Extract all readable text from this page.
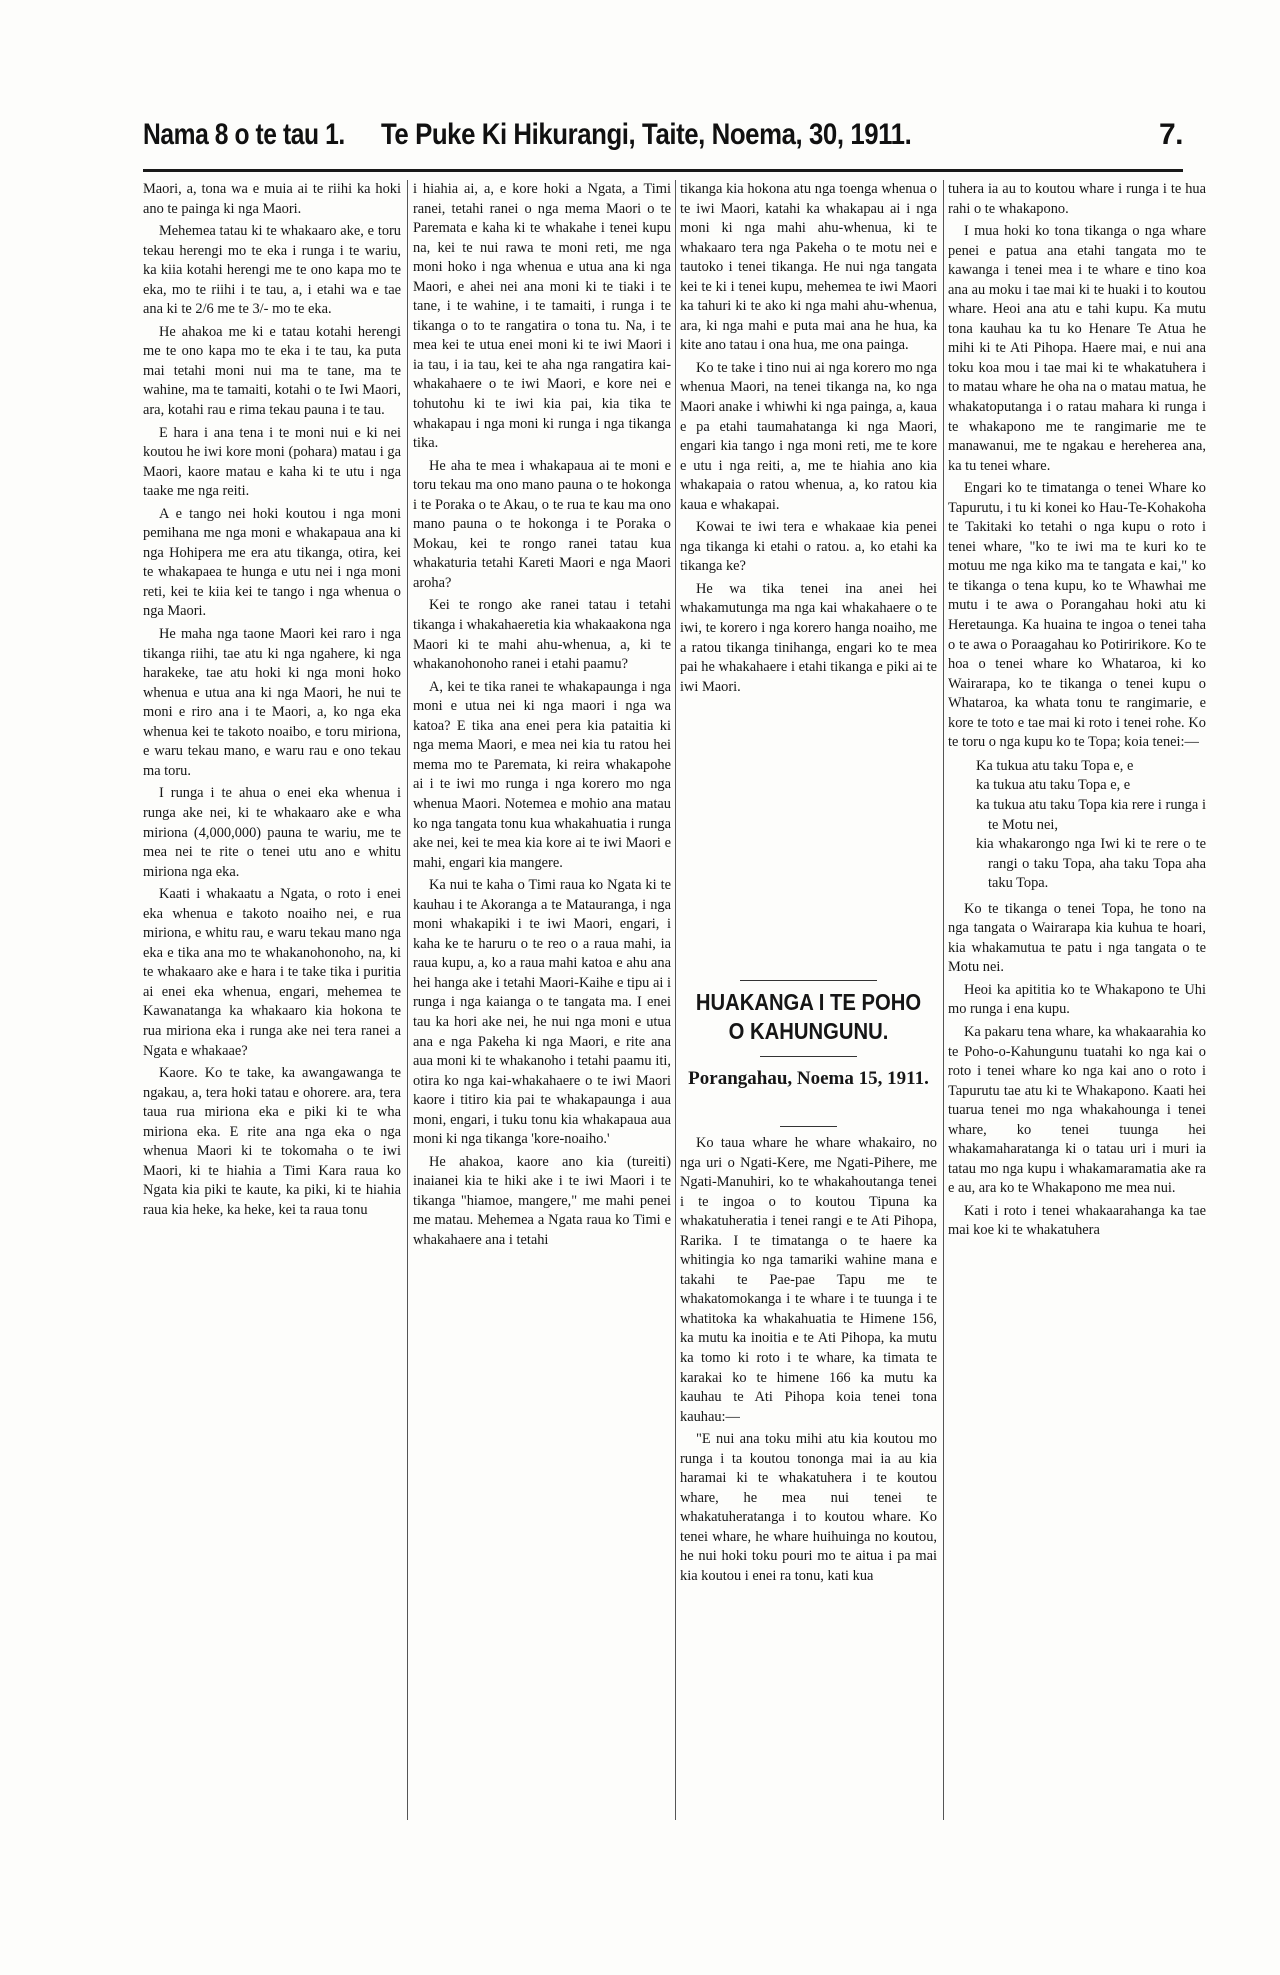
Nama 8 o te tau 1. Te Puke Ki Hikurangi, Taite, Noema, 30, 1911.	7.

Maori, a, tona wa e muia ai te riihi ka hoki ano te painga ki nga Maori.

Mehemea tatau ki te whakaaro ake, e toru tekau herengi mo te eka i runga i te wariu, ka kiia kotahi herengi me te ono kapa mo te eka, mo te riihi i te tau, a, i etahi wa e tae ana ki te 2/6 me te 3/- mo te eka.

He ahakoa me ki e tatau kotahi herengi me te ono kapa mo te eka i te tau, ka puta mai tetahi moni nui ma te tane, ma te wahine, ma te tamaiti, kotahi o te Iwi Maori, ara, kotahi rau e rima tekau pauna i te tau.

E hara i ana tena i te moni nui e ki nei koutou he iwi kore moni (pohara) matau i ga Maori, kaore matau e kaha ki te utu i nga taake me nga reiti.

A e tango nei hoki koutou i nga moni pemihana me nga moni e whakapaua ana ki nga Hohipera me era atu tikanga, otira, kei te whakapaea te hunga e utu nei i nga moni reti, kei te kiia kei te tango i nga whenua o nga Maori.

He maha nga taone Maori kei raro i nga tikanga riihi, tae atu ki nga ngahere, ki nga harakeke, tae atu hoki ki nga moni hoko whenua e utua ana ki nga Maori, he nui te moni e riro ana i te Maori, a, ko nga eka whenua kei te takoto noaibo, e toru miriona, e waru tekau mano, e waru rau e ono tekau ma toru.

I runga i te ahua o enei eka whenua i runga ake nei, ki te whakaaro ake e wha miriona (4,000,000) pauna te wariu, me te mea nei te rite o tenei utu ano e whitu miriona nga eka.

Kaati i whakaatu a Ngata, o roto i enei eka whenua e takoto noaiho nei, e rua miriona, e whitu rau, e waru tekau mano nga eka e tika ana mo te whakanohonoho, na, ki te whakaaro ake e hara i te take tika i puritia ai enei eka whenua, engari, mehemea te Kawanatanga ka whakaaro kia hokona te rua miriona eka i runga ake nei tera ranei a Ngata e whakaae?

Kaore. Ko te take, ka awangawanga te ngakau, a, tera hoki tatau e ohorere. ara, tera taua rua miriona eka e piki ki te wha miriona eka. E rite ana nga eka o nga whenua Maori ki te tokomaha o te iwi Maori, ki te hiahia a Timi Kara raua ko Ngata kia piki te kaute, ka piki, ki te hiahia raua kia heke, ka heke, kei ta raua tonu

i hiahia ai, a, e kore hoki a Ngata, a Timi ranei, tetahi ranei o nga mema Maori o te Paremata e kaha ki te whakahe i tenei kupu na, kei te nui rawa te moni reti, me nga moni hoko i nga whenua e utua ana ki nga Maori, e ahei nei ana moni ki te tiaki i te tane, i te wahine, i te tamaiti, i runga i te tikanga o to te rangatira o tona tu. Na, i te mea kei te utua enei moni ki te iwi Maori i ia tau, i ia tau, kei te aha nga rangatira kai-whakahaere o te iwi Maori, e kore nei e tohutohu ki te iwi kia pai, kia tika te whakapau i nga moni ki runga i nga tikanga tika.

He aha te mea i whakapaua ai te moni e toru tekau ma ono mano pauna o te hokonga i te Poraka o te Akau, o te rua te kau ma ono mano pauna o te hokonga i te Poraka o Mokau, kei te rongo ranei tatau kua whakaturia tetahi Kareti Maori e nga Maori aroha?

Kei te rongo ake ranei tatau i tetahi tikanga i whakahaeretia kia whakaakona nga Maori ki te mahi ahu-whenua, a, ki te whakanohonoho ranei i etahi paamu?

A, kei te tika ranei te whakapaunga i nga moni e utua nei ki nga maori i nga wa katoa? E tika ana enei pera kia pataitia ki nga mema Maori, e mea nei kia tu ratou hei mema mo te Paremata, ki reira whakapohe ai i te iwi mo runga i nga korero mo nga whenua Maori. Notemea e mohio ana matau ko nga tangata tonu kua whakahuatia i runga ake nei, kei te mea kia kore ai te iwi Maori e mahi, engari kia mangere.

Ka nui te kaha o Timi raua ko Ngata ki te kauhau i te Akoranga a te Matauranga, i nga moni whakapiki i te iwi Maori, engari, i kaha ke te haruru o te reo o a raua mahi, ia raua kupu, a, ko a raua mahi katoa e ahu ana hei hanga ake i tetahi Maori-Kaihe e tipu ai i runga i nga kaianga o te tangata ma. I enei tau ka hori ake nei, he nui nga moni e utua ana e nga Pakeha ki nga Maori, e rite ana aua moni ki te whakanoho i tetahi paamu iti, otira ko nga kai-whakahaere o te iwi Maori kaore i titiro kia pai te whakapaunga i aua moni, engari, i tuku tonu kia whakapaua aua moni ki nga tikanga 'kore-noaiho.'

He ahakoa, kaore ano kia (tureiti) inaianei kia te hiki ake i te iwi Maori i te tikanga "hiamoe, mangere," me mahi penei me matau. Mehemea a Ngata raua ko Timi e whakahaere ana i tetahi

tikanga kia hokona atu nga toenga whenua o te iwi Maori, katahi ka whakapau ai i nga moni ki nga mahi ahu-whenua, ki te whakaaro tera nga Pakeha o te motu nei e tautoko i tenei tikanga. He nui nga tangata kei te ki i tenei kupu, mehemea te iwi Maori ka tahuri ki te ako ki nga mahi ahu-whenua, ara, ki nga mahi e puta mai ana he hua, ka kite ano tatau i ona hua, me ona painga.

Ko te take i tino nui ai nga korero mo nga whenua Maori, na tenei tikanga na, ko nga Maori anake i whiwhi ki nga painga, a, kaua e pa etahi taumahatanga ki nga Maori, engari kia tango i nga moni reti, me te kore e utu i nga reiti, a, me te hiahia ano kia whakapaia o ratou whenua, a, ko ratou kia kaua e whakapai.

Kowai te iwi tera e whakaae kia penei nga tikanga ki etahi o ratou. a, ko etahi ka tikanga ke?

He wa tika tenei ina anei hei whakamutunga ma nga kai whakahaere o te iwi, te korero i nga korero hanga noaiho, me a ratou tikanga tinihanga, engari ko te mea pai he whakahaere i etahi tikanga e piki ai te iwi Maori.

HUAKANGA I TE POHO O KAHUNGUNU.
Porangahau, Noema 15, 1911.

Ko taua whare he whare whakairo, no nga uri o Ngati-Kere, me Ngati-Pihere, me Ngati-Manuhiri, ko te whakahoutanga tenei i te ingoa o to koutou Tipuna ka whakatuheratia i tenei rangi e te Ati Pihopa, Rarika. I te timatanga o te haere ka whitingia ko nga tamariki wahine mana e takahi te Pae-pae Tapu me te whakatomokanga i te whare i te tuunga i te whatitoka ka whakahuatia te Himene 156, ka mutu ka inoitia e te Ati Pihopa, ka mutu ka tomo ki roto i te whare, ka timata te karakai ko te himene 166 ka mutu ka kauhau te Ati Pihopa koia tenei tona kauhau:—

"E nui ana toku mihi atu kia koutou mo runga i ta koutou tononga mai ia au kia haramai ki te whakatuhera i te koutou whare, he mea nui tenei te whakatuheratanga i to koutou whare. Ko tenei whare, he whare huihuinga no koutou, he nui hoki toku pouri mo te aitua i pa mai kia koutou i enei ra tonu, kati kua

tuhera ia au to koutou whare i runga i te hua rahi o te whakapono.

I mua hoki ko tona tikanga o nga whare penei e patua ana etahi tangata mo te kawanga i tenei mea i te whare e tino koa ana au moku i tae mai ki te huaki i to koutou whare. Heoi ana atu e tahi kupu. Ka mutu tona kauhau ka tu ko Henare Te Atua he mihi ki te Ati Pihopa. Haere mai, e nui ana toku koa mou i tae mai ki te whakatuhera i to matau whare he oha na o matau matua, he whakatoputanga i o ratau mahara ki runga i te whakapono me te rangimarie me te manawanui, me te ngakau e hereherea ana, ka tu tenei whare.

Engari ko te timatanga o tenei Whare ko Tapurutu, i tu ki konei ko Hau-Te-Kohakoha te Takitaki ko tetahi o nga kupu o roto i tenei whare, "ko te iwi ma te kuri ko te motuu me nga kiko ma te tangata e kai," ko te tikanga o tena kupu, ko te Whawhai me mutu i te awa o Porangahau hoki atu ki Heretaunga. Ka huaina te ingoa o tenei taha o te awa o Poraagahau ko Potiririkore. Ko te hoa o tenei whare ko Whataroa, ki ko Wairarapa, ko te tikanga o tenei kupu o Whataroa, ka whata tonu te rangimarie, e kore te toto e tae mai ki roto i tenei rohe. Ko te toru o nga kupu ko te Topa; koia tenei:—

Ka tukua atu taku Topa e, e

ka tukua atu taku Topa e, e

ka tukua atu taku Topa kia rere i runga i te Motu nei,

kia whakarongo nga Iwi ki te rere o te rangi o taku Topa, aha taku Topa aha taku Topa.

Ko te tikanga o tenei Topa, he tono na nga tangata o Wairarapa kia kuhua te hoari, kia whakamutua te patu i nga tangata o te Motu nei.

Heoi ka apititia ko te Whakapono te Uhi mo runga i ena kupu.

Ka pakaru tena whare, ka whakaarahia ko te Poho-o-Kahungunu tuatahi ko nga kai o roto i tenei whare ko nga kai ano o roto i Tapurutu tae atu ki te Whakapono. Kaati hei tuarua tenei mo nga whakahounga i tenei whare, ko tenei tuunga hei whakamaharatanga ki o tatau uri i muri ia tatau mo nga kupu i whakamaramatia ake ra e au, ara ko te Whakapono me mea nui.

Kati i roto i tenei whakaarahanga ka tae mai koe ki te whakatuhera
